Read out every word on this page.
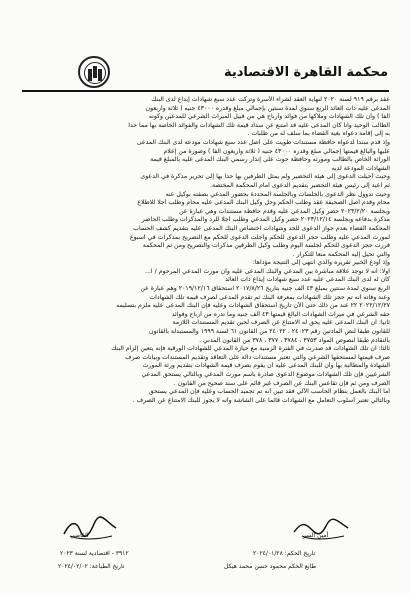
محكمة القاهرة الاقتصادية
عقد برقم ٩١٩ لسنة ٢٠٢٠ لنهاية العقد لشراء الأسرة وتركت عدد سبع شهادات إيداع لدى البنك
المدعى عليه ذات العائد الربع سنوي لمدة سنتين بإجمالي مبلغ وقدره ٤٣٠٠٠ جنيه ( ثلاثة وأربعون
الفا ) وأن تلك الشهادات وملاكها من فوائد وأرباح هي من قبيل الميراث الشرعي للمدعين وكونه
الطالب الوحيد وأنا كان المدعى عليه قد امتنع عن سداد قيمة تلك الشهادات والفوائد الخاصة بها مما حدا
به إلى إقامة دعواه بغية القضاء بما سلف له من طلبات .
وإذ قدم سنداً لدعواه حافظة مستندات طويت على أصل عدد سبع شهادات مودعة لدى البنك المدعى
عليها والبالغ قيمتها إجمالي مبلغ وقدره ٤٣٠٠٠ جنيه ( ثلاثة وأربعون الفا ) وصورة من إعلام
الوراثة الخاص بالطالب ومورثه وحافظة حوت على إنذار رسمي البنك المدعى عليه بالمبلغ قيمة
الشهادات المودعة لديه
وحيث أحيلت الدعوى إلى هيئة التحضير ولم يمثل الطرفين بها حدا بها إلى تحرير مذكرة في الدعوى
ثم أعيد إلى رئيس هيئة التحضير بتقديم الدعوى أمام المحكمة المختصة.
وحيث تدوول نظر الدعوى بالجلسات وبالجلسة المحددة بحضور المدعي بصفته بوكيل عنه
محام وقدم أصل الصحيفة عقد وطلب الحكم وحل وكيل البنك المدعى عليه محام وطلب أجلا للاطلاع
وبجلسة ٢٠٢٣/٢/٢٠ حضر وكيل المدعي عليه وقدم حافظة مستندات وهي عبارة عن
مذكرة بدفاعه وبجلسة ٢٠٢٣/١٢/١٤ حضر وكيل المدعي وطلب أجلا للرد والمذكرات وطلب الحاضر
المحكمة القضاء بعدم جواز الدعوى للحد وشهادات اختصاص البنك المدعى عليه بتقديم كشف الحساب
لمورث المدعي عليه وطلب حجز الدعوى للحكم وأجلت الدعوى للحكم مع التصريح بمذكرات في أسبوع
قررت حجز الدعوى للحكم لجلسة اليوم وطلب وكيل الطرفين مذكرات والتصريح ومن ثم المحكمة
والتي تحيل إليه المحكمة منعاً للتكرار .
وإذ أودع الخبير تقريره والذي انتهى إلى النتيجة مؤداها:
أولا: أنه لا توجد علاقة مباشرة بين المدعي والبنك المدعى عليه وأن مورث المدعي المرحوم / ا...
كان له لدى البنك المدعى عليه عدد سبع شهادات إيداع ذات العائد
الربع سنوي لمدة سنتين بمبلغ ٤٣ ألف جنيه بتاريخ ٢٠١٧/٨/٢٦ استحقاق ٢٠١٩/١٢/١٦ وهم عبارة عن
وعند وفاته أنه تم حجز تلك الشهادات بمعرفة البنك ثم تقدم المدعى لصرف قيمة تلك الشهادات
٢٠٢٢/١٢/٢٧ ٢٢ عند من ذلك حتى الآن تاريخ استحقاق الشهادات وعليه فإن البنك المدعى عليه ملزم بتسليمه
حقه الشرعي في ميراث الشهادات البالغ قيمتها ٤٣ ألف جنيه وما تدره من أرباح وفوائد
ثانيا: أن البنك المدعى عليه يحق له الامتناع عن الصرف لحين تقديم المستندات اللازمة
للقانون طبقا لنص المادتين رقم ٢٤٠٢٣ ، ٢٤٠٢٢ من القانون ٦١ لسنة ١٩٩٩ والمستبدلة بالقانون
بالتقادم طبقا لنصوص المواد ٣٧٥٣ ، ٣٧٨٤ ، ٣٧٧ ، ٣٧٨ من القانون المدني .
ثالثاً: أن تلك الشهادات قد صدرت في الفترة الزمنية مع حيازة المدعي للشهادات الورقية فإنه يتعين إلزام البنك
صرف قيمتها لمستحقها الشرعي والتي تعتبر مستندات دالة على التعاقد وتقديم المستندات وبيانات صرف
الشهادة والمطالبة بها وأن للبنك المدعى عليه أن يقوم بصرف قيمة الشهادات بتقديم ورثة المورث
الشرعيين فإن تلك الشهادات موضوع الدعوى صادرة باسم مورث المدعي وبالتالي يستحق المدعي
الصرف ومن ثم فإن تقاعس البنك عن الصرف غير قائم على سند صحيح من القانون .
أما البنك بالعمل بنظام الحاسب الآلي فقد تبين أنه تم تجميد الحساب وعليه فإن المدعي يستحق
وبالتالي تعتبر أسلوب التعامل مع الشهادات قائماً على الشاشة وأنه لا يجوز للبنك الامتناع عن الصرف .
القاضي	أمين السر
٣٩١٢ - اقتصادية لسنة ٢٠٢٣	تاريخ الحكم: ٢٠٢٤/٠١/٢٨
تاريخ الطباعة: ٢٠٢٤/٠٢/٠٢	طابع الحكم محمود حسن محمد هيكل
